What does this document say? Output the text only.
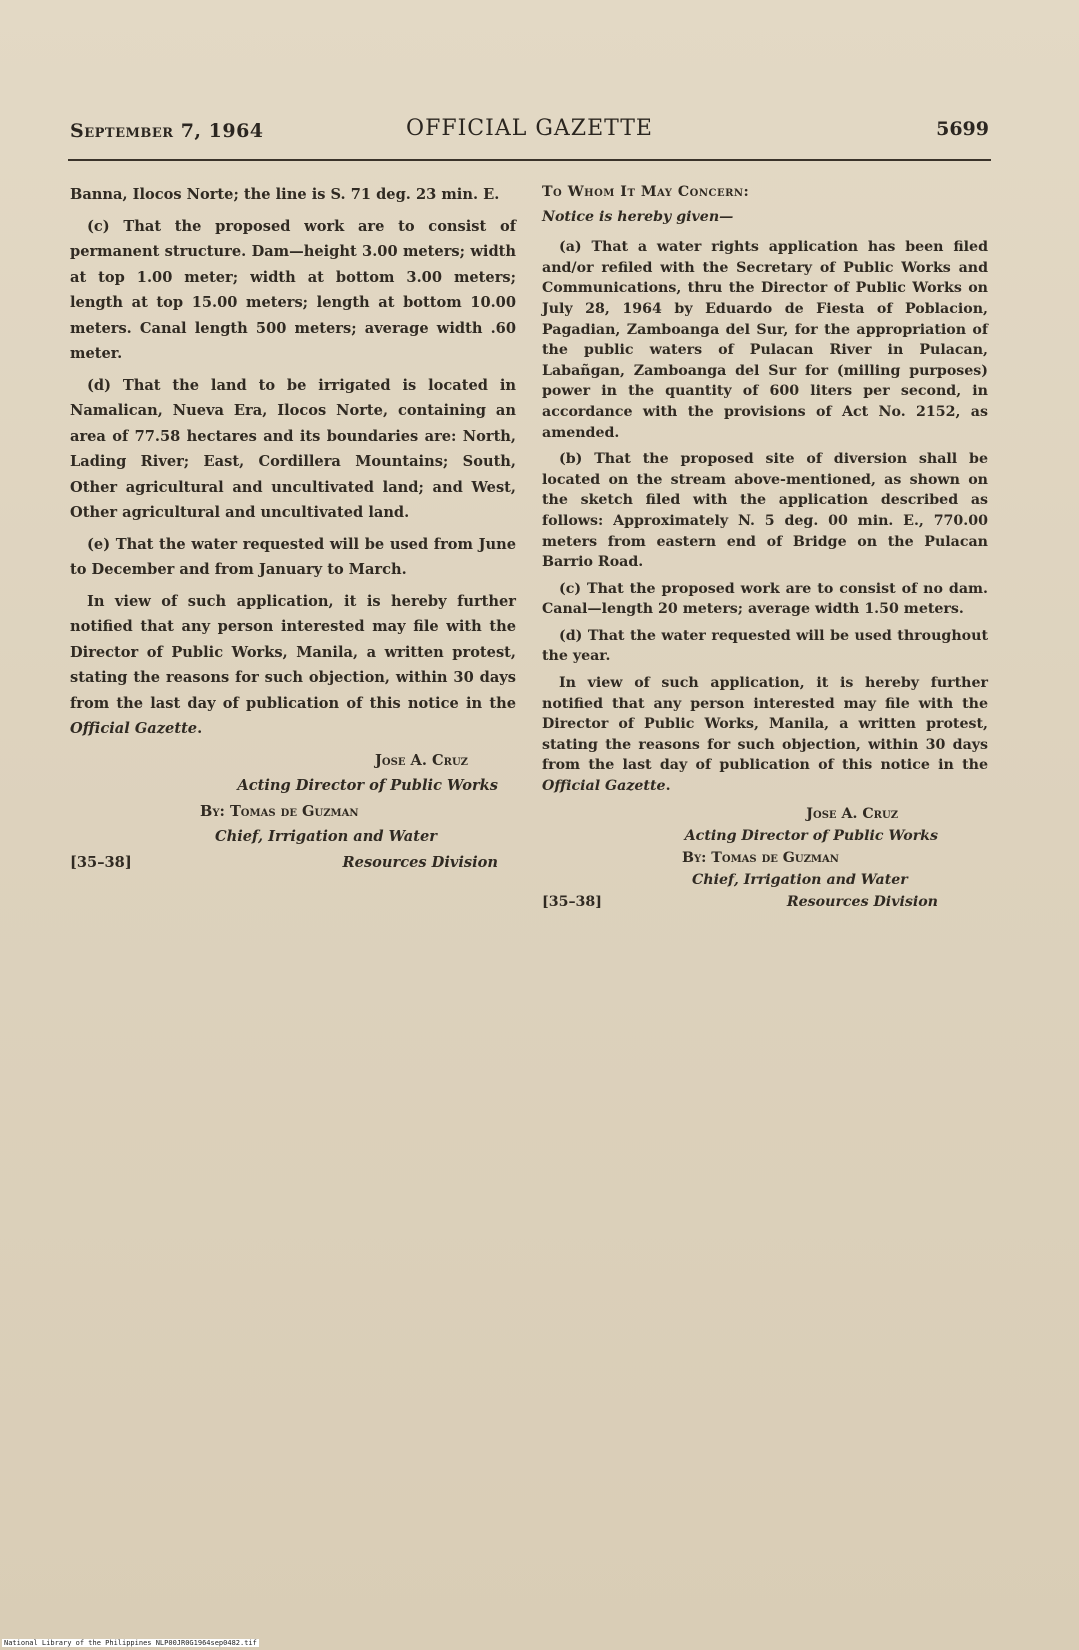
September 7, 1964	OFFICIAL GAZETTE	5699

Banna, Ilocos Norte; the line is S. 71 deg. 23 min. E.

(c) That the proposed work are to consist of permanent structure. Dam—height 3.00 meters; width at top 1.00 meter; width at bottom 3.00 meters; length at top 15.00 meters; length at bottom 10.00 meters. Canal length 500 meters; average width .60 meter.

(d) That the land to be irrigated is located in Namalican, Nueva Era, Ilocos Norte, containing an area of 77.58 hectares and its boundaries are: North, Lading River; East, Cordillera Mountains; South, Other agricultural and uncultivated land; and West, Other agricultural and uncultivated land.

(e) That the water requested will be used from June to December and from January to March.

In view of such application, it is hereby further notified that any person interested may file with the Director of Public Works, Manila, a written protest, stating the reasons for such objection, within 30 days from the last day of publication of this notice in the Official Gazette.

Jose A. Cruz
Acting Director of Public Works
By: Tomas de Guzman
Chief, Irrigation and Water
[35–38]	Resources Division
To Whom It May Concern:
Notice is hereby given—

(a) That a water rights application has been filed and/or refiled with the Secretary of Public Works and Communications, thru the Director of Public Works on July 28, 1964 by Eduardo de Fiesta of Poblacion, Pagadian, Zamboanga del Sur, for the appropriation of the public waters of Pulacan River in Pulacan, Labañgan, Zamboanga del Sur for (milling purposes) power in the quantity of 600 liters per second, in accordance with the provisions of Act No. 2152, as amended.

(b) That the proposed site of diversion shall be located on the stream above-mentioned, as shown on the sketch filed with the application described as follows: Approximately N. 5 deg. 00 min. E., 770.00 meters from eastern end of Bridge on the Pulacan Barrio Road.

(c) That the proposed work are to consist of no dam. Canal—length 20 meters; average width 1.50 meters.

(d) That the water requested will be used throughout the year.

In view of such application, it is hereby further notified that any person interested may file with the Director of Public Works, Manila, a written protest, stating the reasons for such objection, within 30 days from the last day of publication of this notice in the Official Gazette.

Jose A. Cruz
Acting Director of Public Works
By: Tomas de Guzman
Chief, Irrigation and Water
[35–38]	Resources Division
National Library of the Philippines NLP00JR0G1964sep0482.tif
